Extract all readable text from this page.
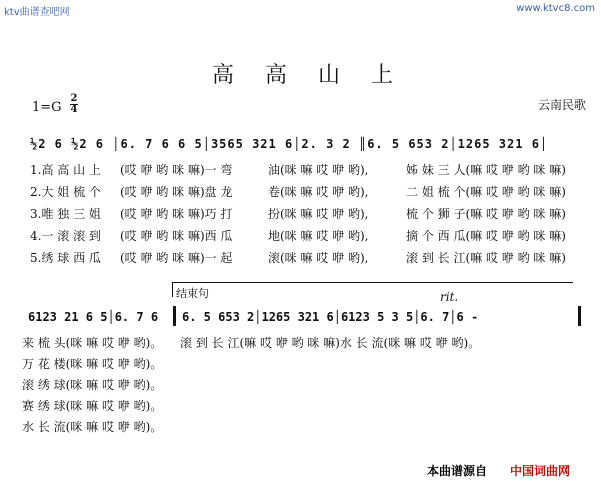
ktv曲谱查吧网	www.ktvc8.com
高 高 山 上
1=G
2
4	云南民歌
½2 6 ½2 6 │6. 7 6 6 5│3565 321 6│2. 3 2 ║6. 5 653 2│1265 321 6│
1.高 高 山 上 (哎 咿 哟 咪 嘛)一 弯	油(咪 嘛 哎 咿 哟),	姊 妹 三 人(嘛 哎 咿 哟 咪 嘛)
2.大 姐 梳 个 (哎 咿 哟 咪 嘛)盘 龙	卷(咪 嘛 哎 咿 哟),	二 姐 梳 个(嘛 哎 咿 哟 咪 嘛)
3.唯 独 三 姐 (哎 咿 哟 咪 嘛)巧 打	扮(咪 嘛 哎 咿 哟),	梳 个 狮 子(嘛 哎 咿 哟 咪 嘛)
4.一 滚 滚 到 (哎 咿 哟 咪 嘛)西 瓜	地(咪 嘛 哎 咿 哟),	摘 个 西 瓜(嘛 哎 咿 哟 咪 嘛)
5.绣 球 西 瓜 (哎 咿 哟 咪 嘛)一 起	滚(咪 嘛 哎 咿 哟),	滚 到 长 江(嘛 哎 咿 哟 咪 嘛)
结束句	rit.
6123 21 6 5│6. 7 6 6. 5 653 2│1265 321 6│6123 5 3 5│6. 7│6 -
来 梳 头(咪 嘛 哎 咿 哟)。 滚 到 长 江(嘛 哎 咿 哟 咪 嘛)水 长 流(咪 嘛 哎 咿 哟)。
万 花 楼(咪 嘛 哎 咿 哟)。
滚 绣 球(咪 嘛 哎 咿 哟)。
赛 绣 球(咪 嘛 哎 咿 哟)。
水 长 流(咪 嘛 哎 咿 哟)。
本曲谱源自 中国词曲网
